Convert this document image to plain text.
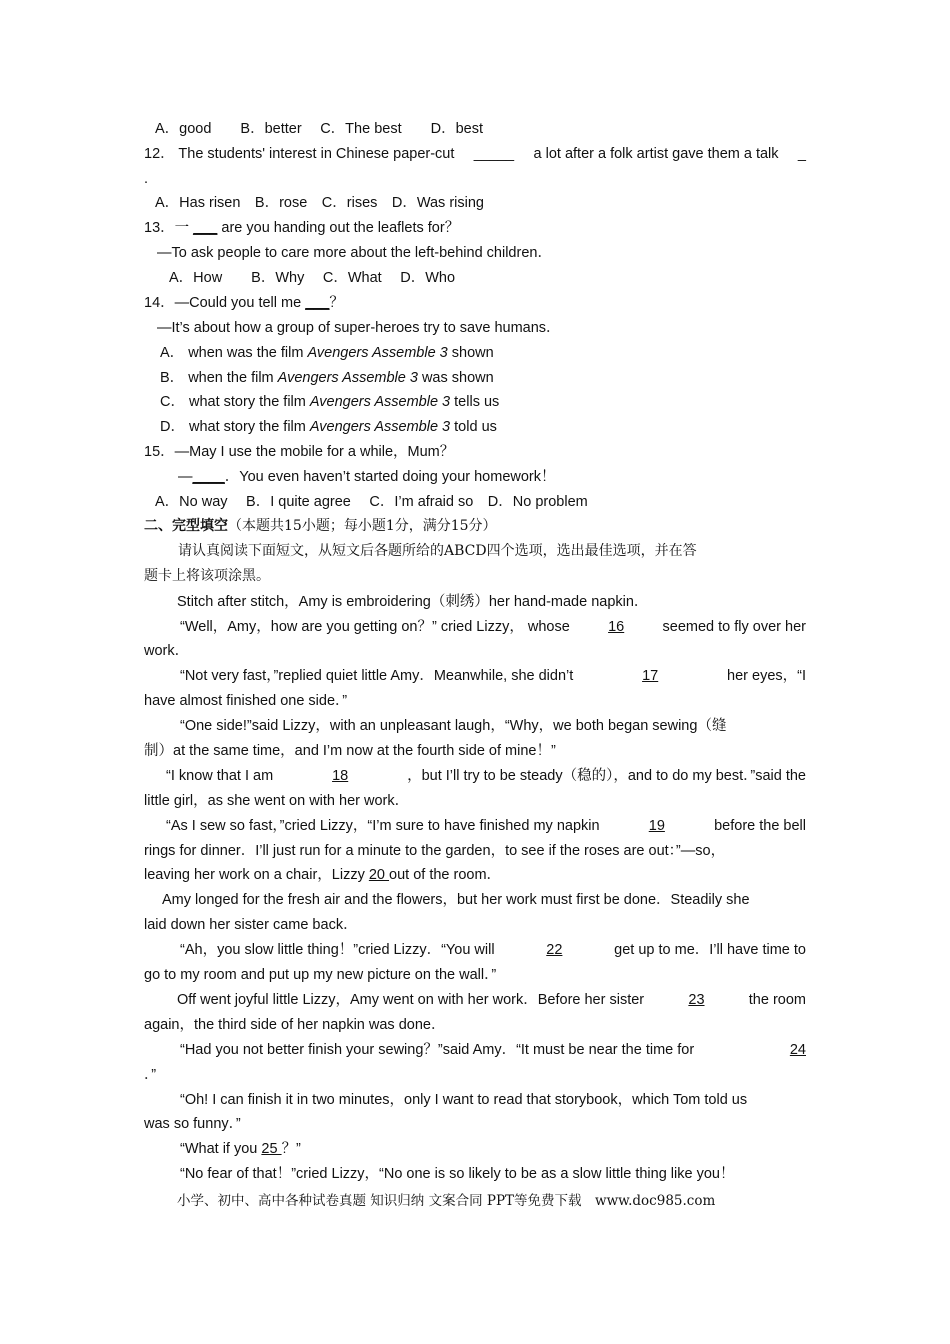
A．good　　B．better　 C．The best　　D．best
12． The students' interest in Chinese paper-cut _____ a lot after a folk artist gave them a talk _
.
A．Has risen　B．rose　C．rises　D．Was rising
13．一 ___ are you handing out the leaflets for？
—To ask people to care more about the left-behind children．
A．How　　B．Why　 C．What　 D．Who
14．—Could you tell me ___？
—It’s about how a group of super-heroes try to save humans．
A． when was the film Avengers Assemble 3 shown
B． when the film Avengers Assemble 3 was shown
C． what story the film Avengers Assemble 3 tells us
D． what story the film Avengers Assemble 3 told us
15．—May I use the mobile for a while，Mum？
—____．You even haven’t started doing your homework！
A．No way　 B．I quite agree　 C．I’m afraid so　D．No problem
二、完型填空（本题共15小题；每小题1分，满分15分）
请认真阅读下面短文，从短文后各题所给的ABCD四个选项，选出最佳选项，并在答
题卡上将该项涂黑。
Stitch after stitch，Amy is embroidering（刺绣）her hand-made napkin．
“Well，Amy，how are you getting on？” cried Lizzy， whose	16	seemed to fly over her
work．
“Not very fast，”replied quiet little Amy．Meanwhile, she didn’t	17	her eyes，“I
have almost finished one side．”
“One side!”said Lizzy，with an unpleasant laugh，“Why，we both began sewing（缝
制）at the same time，and I’m now at the fourth side of mine！”
“I know that I am	18	，but I’ll try to be steady（稳的），and to do my best．”said the
little girl，as she went on with her work．
“As I sew so fast，”cried Lizzy，“I’m sure to have finished my napkin	19	before the bell
rings for dinner．I’ll just run for a minute to the garden，to see if the roses are out：”—so，
leaving her work on a chair，Lizzy 20 out of the room．
Amy longed for the fresh air and the flowers，but her work must first be done．Steadily she
laid down her sister came back．
“Ah，you slow little thing！”cried Lizzy．“You will	22	get up to me．I’ll have time to
go to my room and put up my new picture on the wall．”
Off went joyful little Lizzy，Amy went on with her work．Before her sister	23	the room
again，the third side of her napkin was done．
“Had you not better finish your sewing？”said Amy．“It must be near the time for	24
．”
“Oh! I can finish it in two minutes，only I want to read that storybook，which Tom told us
was so funny．”
“What if you 25 ？”
“No fear of that！”cried Lizzy，“No one is so likely to be as a slow little thing like you！
小学、初中、高中各种试卷真题 知识归纳 文案合同 PPT等免费下载　www.doc985.com
